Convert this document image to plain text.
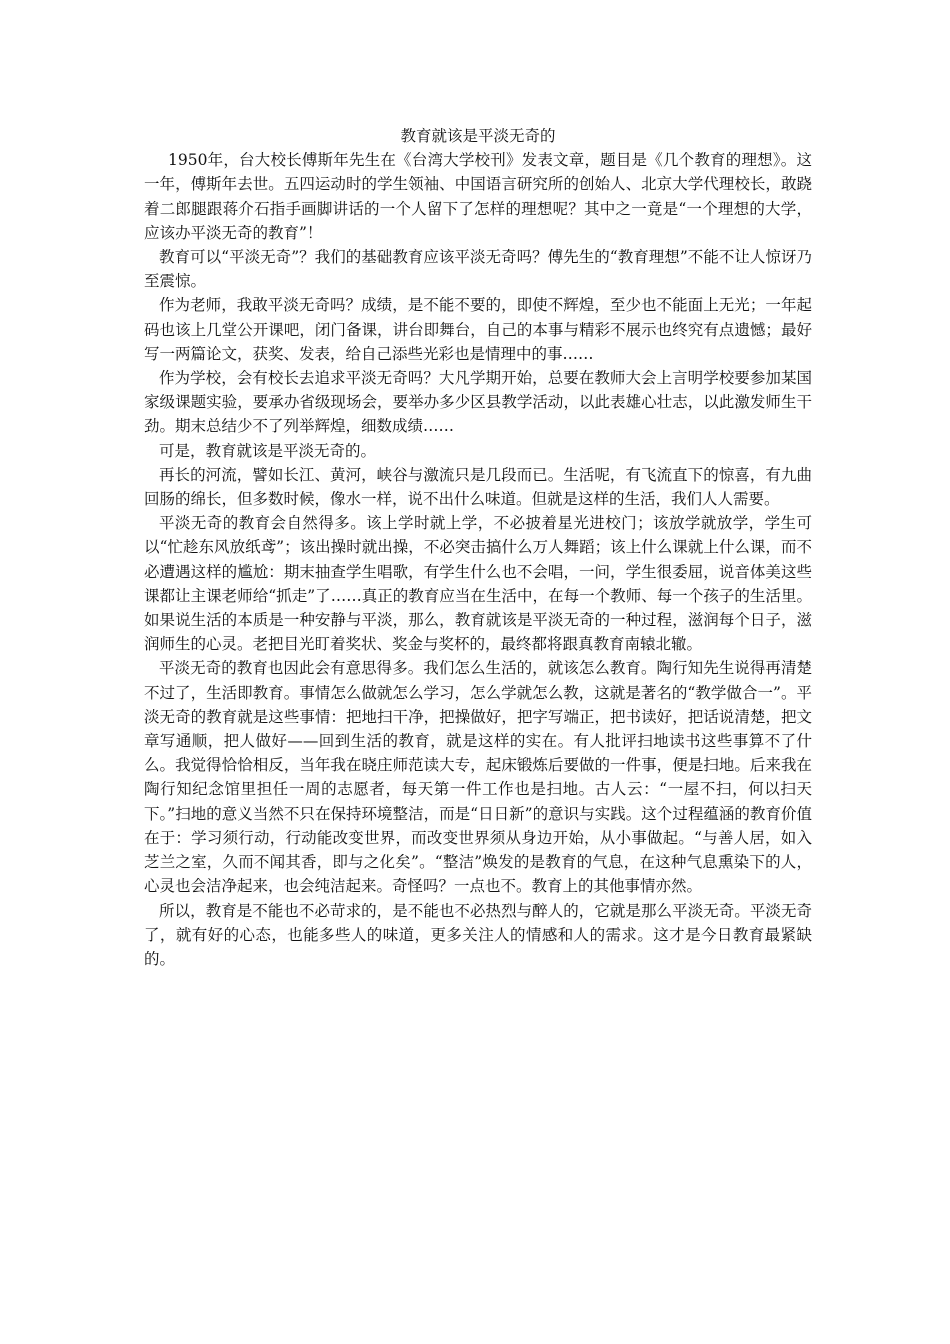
教育就该是平淡无奇的

1950年，台大校长傅斯年先生在《台湾大学校刊》发表文章，题目是《几个教育的理想》。这一年，傅斯年去世。五四运动时的学生领袖、中国语言研究所的创始人、北京大学代理校长，敢跷着二郎腿跟蒋介石指手画脚讲话的一个人留下了怎样的理想呢？其中之一竟是“一个理想的大学，应该办平淡无奇的教育”！

教育可以“平淡无奇”？我们的基础教育应该平淡无奇吗？傅先生的“教育理想”不能不让人惊讶乃至震惊。

作为老师，我敢平淡无奇吗？成绩，是不能不要的，即使不辉煌，至少也不能面上无光；一年起码也该上几堂公开课吧，闭门备课，讲台即舞台，自己的本事与精彩不展示也终究有点遗憾；最好写一两篇论文，获奖、发表，给自己添些光彩也是情理中的事……

作为学校，会有校长去追求平淡无奇吗？大凡学期开始，总要在教师大会上言明学校要参加某国家级课题实验，要承办省级现场会，要举办多少区县教学活动，以此表雄心壮志，以此激发师生干劲。期末总结少不了列举辉煌，细数成绩……

可是，教育就该是平淡无奇的。

再长的河流，譬如长江、黄河，峡谷与激流只是几段而已。生活呢，有飞流直下的惊喜，有九曲回肠的绵长，但多数时候，像水一样，说不出什么味道。但就是这样的生活，我们人人需要。

平淡无奇的教育会自然得多。该上学时就上学，不必披着星光进校门；该放学就放学，学生可以“忙趁东风放纸鸢”；该出操时就出操，不必突击搞什么万人舞蹈；该上什么课就上什么课，而不必遭遇这样的尴尬：期末抽查学生唱歌，有学生什么也不会唱，一问，学生很委屈，说音体美这些课都让主课老师给“抓走”了……真正的教育应当在生活中，在每一个教师、每一个孩子的生活里。如果说生活的本质是一种安静与平淡，那么，教育就该是平淡无奇的一种过程，滋润每个日子，滋润师生的心灵。老把目光盯着奖状、奖金与奖杯的，最终都将跟真教育南辕北辙。

平淡无奇的教育也因此会有意思得多。我们怎么生活的，就该怎么教育。陶行知先生说得再清楚不过了，生活即教育。事情怎么做就怎么学习，怎么学就怎么教，这就是著名的“教学做合一”。平淡无奇的教育就是这些事情：把地扫干净，把操做好，把字写端正，把书读好，把话说清楚，把文章写通顺，把人做好——回到生活的教育，就是这样的实在。有人批评扫地读书这些事算不了什么。我觉得恰恰相反，当年我在晓庄师范读大专，起床锻炼后要做的一件事，便是扫地。后来我在陶行知纪念馆里担任一周的志愿者，每天第一件工作也是扫地。古人云：“一屋不扫，何以扫天下。”扫地的意义当然不只在保持环境整洁，而是“日日新”的意识与实践。这个过程蕴涵的教育价值在于：学习须行动，行动能改变世界，而改变世界须从身边开始，从小事做起。“与善人居，如入芝兰之室，久而不闻其香，即与之化矣”。“整洁”焕发的是教育的气息，在这种气息熏染下的人，心灵也会洁净起来，也会纯洁起来。奇怪吗？一点也不。教育上的其他事情亦然。

所以，教育是不能也不必苛求的，是不能也不必热烈与醉人的，它就是那么平淡无奇。平淡无奇了，就有好的心态，也能多些人的味道，更多关注人的情感和人的需求。这才是今日教育最紧缺的。
